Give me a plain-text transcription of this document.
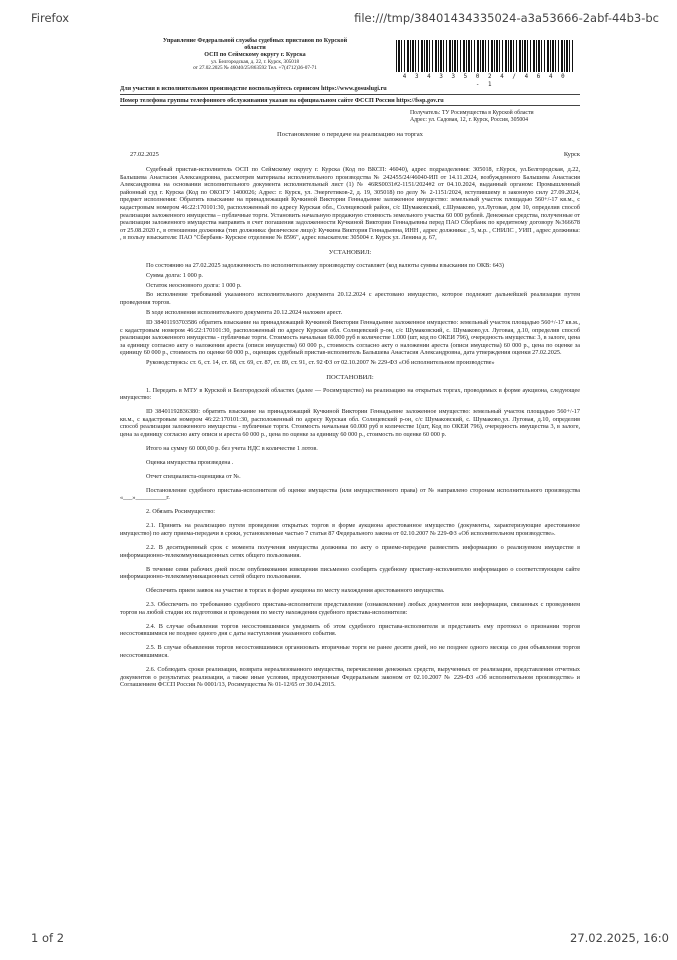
Firefox	file:///tmp/38401434335024-a3a53666-2abf-44b3-bc
Управление Федеральной службы судебных приставов по Курской
области
ОСП по Сеймскому округу г. Курска
ул. Белгородская, д. 22, г. Курск, 305018
от 27.02.2025 № 46040/25/863592 Тел. +7(4712)36-07-71
4 3 4 3 3 5 0 2 4 / 4 6 4 0 - 1
Для участия в исполнительном производстве воспользуйтесь сервисом https://www.gosuslugi.ru
Номер телефона группы телефонного обслуживания указан на официальном сайте ФССП России https://fssp.gov.ru
Получатель: ТУ Росимущества в Курской области
Адрес: ул. Садовая, 12, г. Курск, Россия, 305004
Постановление о передаче на реализацию на торгах
27.02.2025	Курск

Судебный пристав-исполнитель ОСП по Сеймскому округу г. Курска (Код по ВКСП: 46040), адрес подразделения: 305018, г.Курск, ул.Белгородская, д.22, Балышева Анастасия Александровна, рассмотрев материалы исполнительного производства № 242455/24/46040-ИП от 14.11.2024, возбужденного Балышева Анастасия Александровна на основании исполнительного документа исполнительный лист (1) № 46RS0031#2-1151/2024#2 от 04.10.2024, выданный органом: Промышленный районный суд г. Курска (Код по ОКОГУ 1400026; Адрес: г. Курск, ул. Энергетиков-2, д. 19, 305018) по делу № 2-1151/2024, вступившему в законную силу 27.09.2024, предмет исполнения: Обратить взыскание на принадлежащий Кучкиной Виктории Геннадьевне заложенное имущество: земельный участок площадью 560+/-17 кв.м., с кадастровым номером 46:22:170101:30, расположенный по адресу Курская обл., Солнцевский район, с/с Шумаковский, с.Шумаково, ул.Луговая, дом 10, определив способ реализации заложенного имущества – публичные торги. Установить начальную продажную стоимость земельного участка 60 000 рублей. Денежные средства, полученные от реализации заложенного имущества направить в счет погашения задолженности Кучкиной Виктории Геннадьевны перед ПАО Сбербанк по кредитному договору №366678 от 25.08.2020 г., в отношении должника (тип должника: физическое лицо): Кучкина Виктория Геннадьевна, ИНН , адрес должника: , 5, м.р. , СНИЛС , УИП , адрес должника: , в пользу взыскателя: ПАО "Сбербанк- Курское отделение № 8596", адрес взыскателя: 305004 г. Курск ул. Ленина д. 67,

УСТАНОВИЛ:

По состоянию на 27.02.2025 задолженность по исполнительному производству составляет (код валюты суммы взыскания по ОКВ: 643)

Сумма долга: 1 000 р.

Остаток неосновного долга: 1 000 р.

Во исполнение требований указанного исполнительного документа 20.12.2024 с арестовано имущество, которое подлежит дальнейшей реализации путем проведения торгов.

В ходе исполнения исполнительного документа 20.12.2024 наложен арест.

ID 38401193703586 обратить взыскание на принадлежащий Кучкиной Виктории Геннадьевне заложенное имущество: земельный участок площадью 560+/-17 кв.м., с кадастровым номером 46:22:170101:30, расположенный по адресу Курская обл. Солнцевский р-он, с/с Шумаковский, с. Шумаково,ул. Луговая, д.10, определив способ реализации заложенного имущества - публичные торги. Стоимость начальная 60.000 руб в количестве 1.000 (шт, код по ОКЕИ 796), очередность имущества: 3, в залоге, цена за единицу согласно акту о наложении ареста (описи имущества) 60 000 р., стоимость согласно акту о наложении ареста (описи имущества) 60 000 р., цена по оценке за единицу 60 000 р., стоимость по оценке 60 000 р., оценщик судебный пристав-исполнитель Балышева Анастасия Александровна, дата утверждения оценки 27.02.2025.

Руководствуясь: ст. 6, ст. 14, ст. 68, ст. 69, ст. 87, ст. 89, ст. 91, ст. 92 ФЗ от 02.10.2007 № 229-ФЗ «Об исполнительном производстве»

ПОСТАНОВИЛ:

1. Передать в МТУ в Курской и Белгородской областях (далее — Росимущество) на реализацию на открытых торгах, проводимых в форме аукциона, следующее имущество:

ID 38401192836380: обратить взыскание на принадлежащий Кучкиной Виктории Геннадьевне заложенное имущество: земельный участок площадью 560+/-17 кв.м., с кадастровым номером 46:22:170101:30, расположенный по адресу Курская обл. Солнцевский р-он, с/с Шумаковский, с. Шумаково,ул. Луговая, д.10, определив способ реализации заложенного имущества - публичные торги. Стоимость начальная 60.000 руб в количестве 1(шт, Код по ОКЕИ 796), очередность имущества 3, в залоге, цена за единицу согласно акту описи и ареста 60 000 р., цена по оценке за единицу 60 000 р., стоимость по оценке 60 000 р.

Итого на сумму 60 000,00 р. без учета НДС в количестве 1 лотов.

Оценка имущества произведена .

Отчет специалиста-оценщика от №.

Постановление судебного пристава-исполнителя об оценке имущества (или имущественного права) от № направлено сторонам исполнительного производства «___»__________г.

2. Обязать Росимущество:

2.1. Принять на реализацию путем проведения открытых торгов в форме аукциона арестованное имущество (документы, характеризующие арестованное имущество) по акту приема-передачи в сроки, установленные частью 7 статьи 87 Федерального закона от 02.10.2007 № 229-ФЗ «Об исполнительном производстве».

2.2. В десятидневный срок с момента получения имущества должника по акту о приеме-передаче разместить информацию о реализуемом имуществе в информационно-телекоммуникационных сетях общего пользования.

В течение семи рабочих дней после опубликования извещения письменно сообщить судебному приставу-исполнителю информацию о соответствующем сайте информационно-телекоммуникационных сетей общего пользования.

Обеспечить прием заявок на участие в торгах в форме аукциона по месту нахождения арестованного имущества.

2.3. Обеспечить по требованию судебного пристава-исполнителя представление (ознакомление) любых документов или информации, связанных с проведением торгов на любой стадии их подготовки и проведения по месту нахождения судебного пристава-исполнителя:

2.4. В случае объявления торгов несостоявшимися уведомить об этом судебного пристава-исполнителя и представить ему протокол о признании торгов несостоявшимися не позднее одного дня с даты наступления указанного события.

2.5. В случае объявления торгов несостоявшимися организовать вторичные торги не ранее десяти дней, но не позднее одного месяца со дня объявления торгов несостоявшимися.

2.6. Соблюдать сроки реализации, возврата нереализованного имущества, перечисления денежных средств, вырученных от реализации, представления отчетных документов о результатах реализации, а также иные условия, предусмотренные Федеральным законом от 02.10.2007 № 229-ФЗ «Об исполнительном производстве» и Соглашением ФССП России № 0001/13, Росимущества № 01-12/65 от 30.04.2015.

1 of 2	27.02.2025, 16:0
